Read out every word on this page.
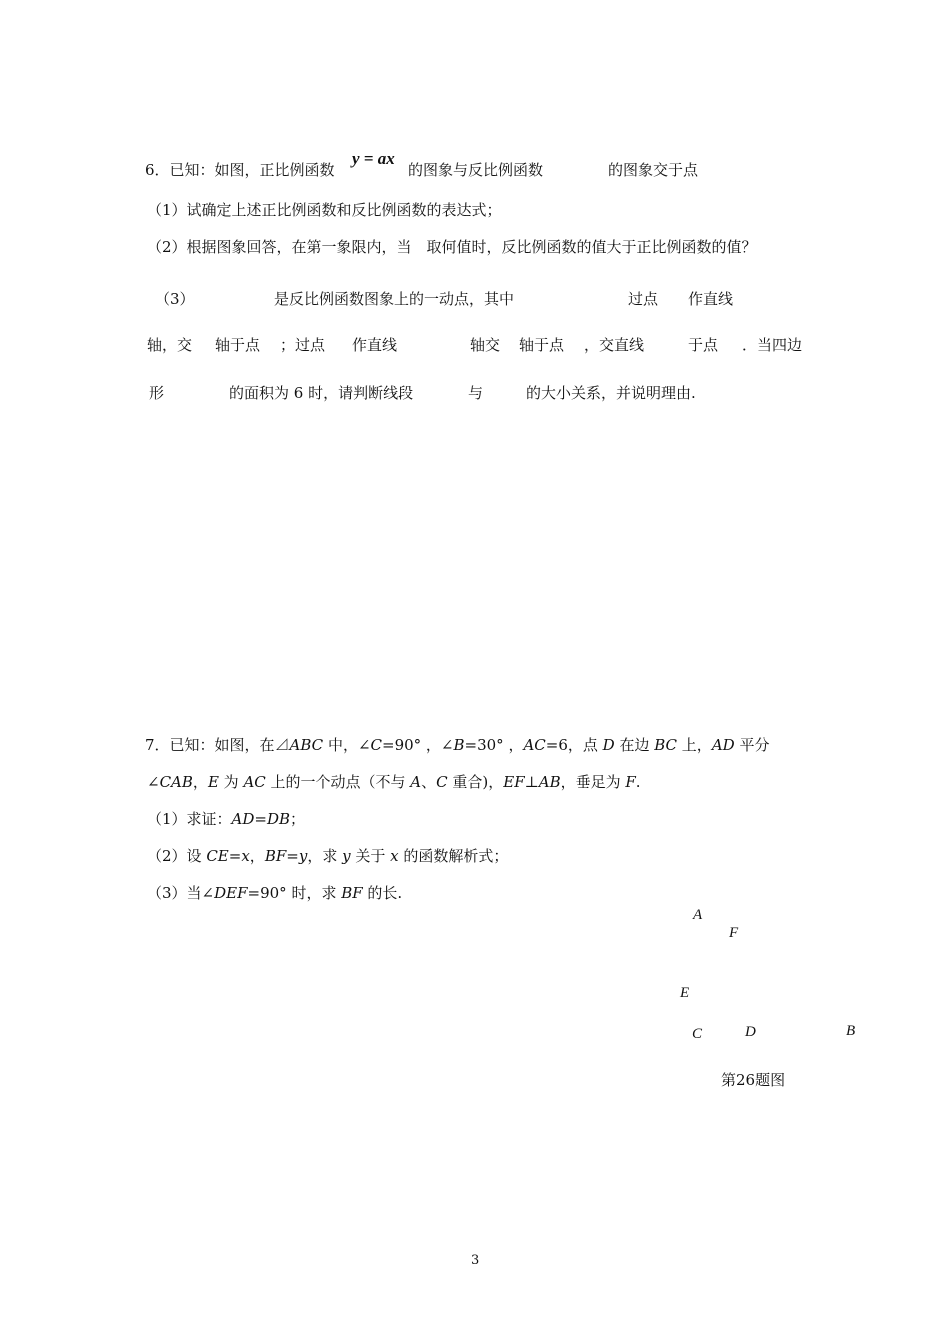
6．已知：如图，正比例函数
y = ax
的图象与反比例函数	的图象交于点
（1）试确定上述正比例函数和反比例函数的表达式；
（2）根据图象回答，在第一象限内，当　取何值时，反比例函数的值大于正比例函数的值？
（3）	是反比例函数图象上的一动点，其中	过点 作直线
轴，交 轴于点 ；过点 作直线	轴交 轴于点 ，交直线	于点 ．当四边
形	的面积为 6 时，请判断线段	与	的大小关系，并说明理由.
7．已知：如图，在⊿ABC 中，∠C=90° ，∠B=30° ，AC=6，点 D 在边 BC 上，AD 平分
∠CAB，E 为 AC 上的一个动点（不与 A、C 重合)，EF⊥AB，垂足为 F.
（1）求证：AD=DB；
（2）设 CE=x，BF=y，求 y 关于 x 的函数解析式；
（3）当∠DEF=90° 时，求 BF 的长.
A
F
E
C	D	B
第26题图
3
